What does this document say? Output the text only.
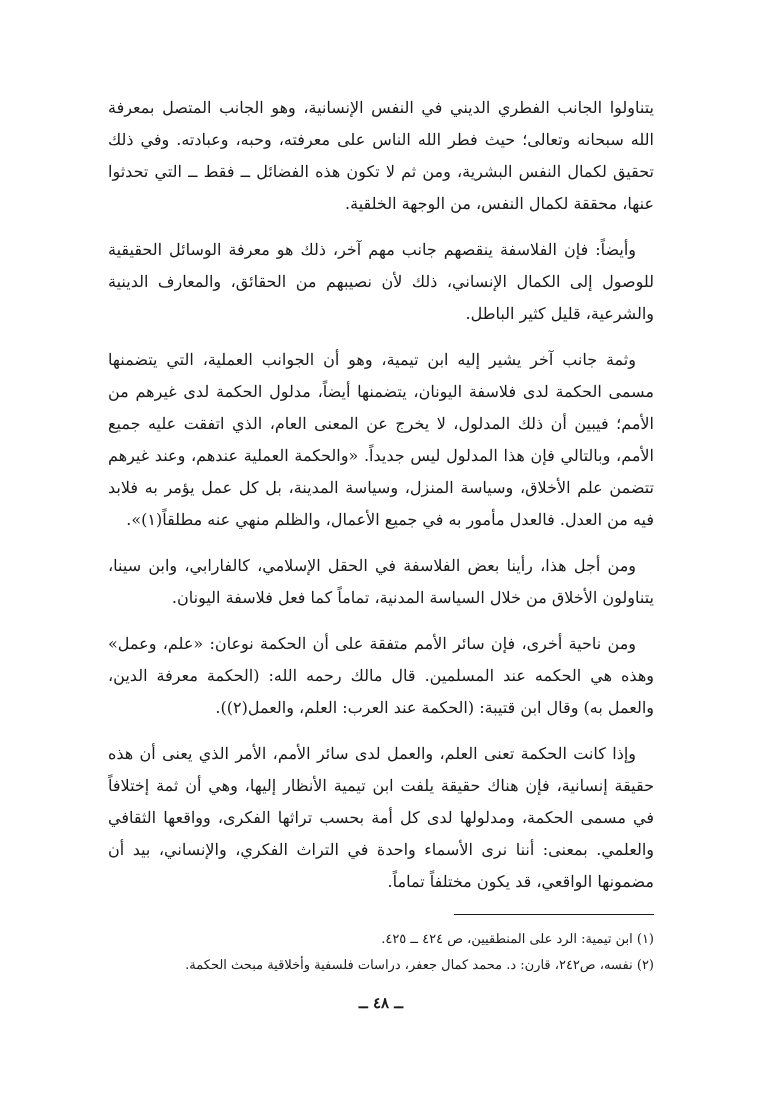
يتناولوا الجانب الفطري الديني في النفس الإنسانية، وهو الجانب المتصل بمعرفة الله سبحانه وتعالى؛ حيث فطر الله الناس على معرفته، وحبه، وعبادته. وفي ذلك تحقيق لكمال النفس البشرية، ومن ثم لا تكون هذه الفضائل ــ فقط ــ التي تحدثوا عنها، محققة لكمال النفس، من الوجهة الخلقية.

وأيضاً: فإن الفلاسفة ينقصهم جانب مهم آخر، ذلك هو معرفة الوسائل الحقيقية للوصول إلى الكمال الإنساني، ذلك لأن نصيبهم من الحقائق، والمعارف الدينية والشرعية، قليل كثير الباطل.

وثمة جانب آخر يشير إليه ابن تيمية، وهو أن الجوانب العملية، التي يتضمنها مسمى الحكمة لدى فلاسفة اليونان، يتضمنها أيضاً، مدلول الحكمة لدى غيرهم من الأمم؛ فيبين أن ذلك المدلول، لا يخرج عن المعنى العام، الذي اتفقت عليه جميع الأمم، وبالتالي فإن هذا المدلول ليس جديداً. «والحكمة العملية عندهم، وعند غيرهم تتضمن علم الأخلاق، وسياسة المنزل، وسياسة المدينة، بل كل عمل يؤمر به فلابد فيه من العدل. فالعدل مأمور به في جميع الأعمال، والظلم منهي عنه مطلقاً(١)».

ومن أجل هذا، رأينا بعض الفلاسفة في الحقل الإسلامي، كالفارابي، وابن سينا، يتناولون الأخلاق من خلال السياسة المدنية، تماماً كما فعل فلاسفة اليونان.

ومن ناحية أخرى، فإن سائر الأمم متفقة على أن الحكمة نوعان: «علم، وعمل» وهذه هي الحكمه عند المسلمين. قال مالك رحمه الله: (الحكمة معرفة الدين، والعمل به) وقال ابن قتيبة: (الحكمة عند العرب: العلم، والعمل(٢)).

وإذا كانت الحكمة تعنى العلم، والعمل لدى سائر الأمم، الأمر الذي يعنى أن هذه حقيقة إنسانية، فإن هناك حقيقة يلفت ابن تيمية الأنظار إليها، وهي أن ثمة إختلافاً في مسمى الحكمة، ومدلولها لدى كل أمة بحسب تراثها الفكرى، وواقعها الثقافي والعلمي. بمعنى: أننا نرى الأسماء واحدة في التراث الفكري، والإنساني، بيد أن مضمونها الواقعي، قد يكون مختلفاً تماماً.

(١) ابن تيمية: الرد على المنطقيين، ص ٤٢٤ ــ ٤٢٥.

(٢) نفسه، ص٢٤٢، قارن: د. محمد كمال جعفر، دراسات فلسفية وأخلاقية مبحث الحكمة.

ــ ٤٨ ــ
